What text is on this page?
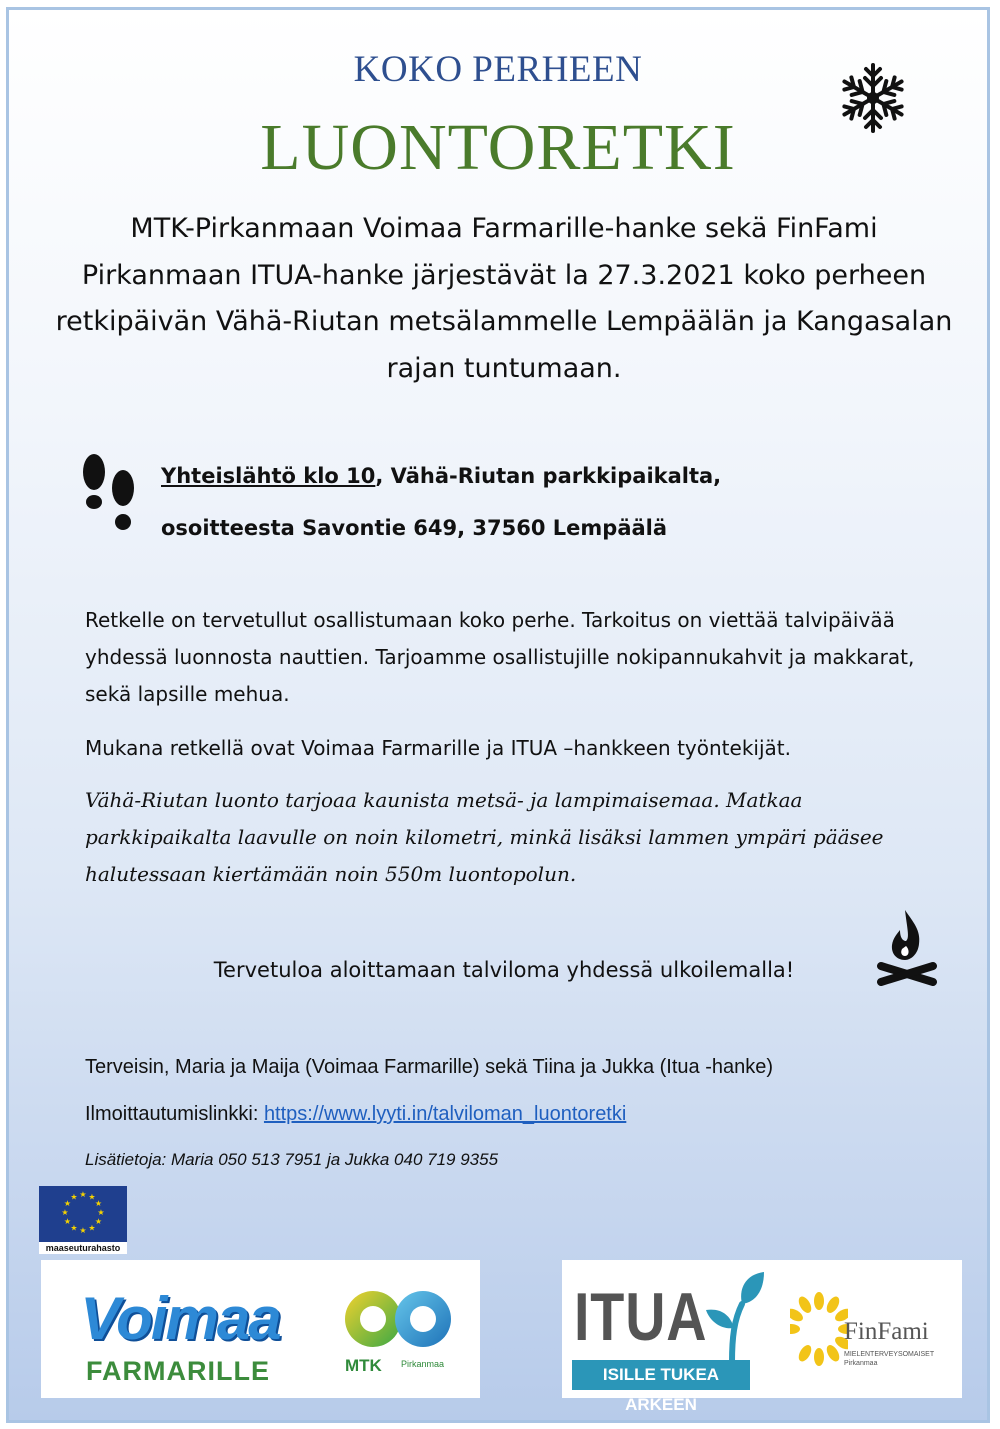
KOKO PERHEEN
LUONTORETKI
MTK-Pirkanmaan Voimaa Farmarille-hanke sekä FinFami Pirkanmaan ITUA-hanke järjestävät la 27.3.2021 koko perheen retkipäivän Vähä-Riutan metsälammelle Lempäälän ja Kangasalan rajan tuntumaan.
Yhteislähtö klo 10, Vähä-Riutan parkkipaikalta,
osoitteesta Savontie 649, 37560 Lempäälä
Retkelle on tervetullut osallistumaan koko perhe. Tarkoitus on viettää talvipäivää yhdessä luonnosta nauttien. Tarjoamme osallistujille nokipannukahvit ja makkarat, sekä lapsille mehua.
Mukana retkellä ovat Voimaa Farmarille ja ITUA –hankkeen työntekijät.
Vähä-Riutan luonto tarjoaa kaunista metsä- ja lampimaisemaa. Matkaa parkkipaikalta laavulle on noin kilometri, minkä lisäksi lammen ympäri pääsee halutessaan kiertämään noin 550m luontopolun.
Tervetuloa aloittamaan talviloma yhdessä ulkoilemalla!
Terveisin, Maria ja Maija (Voimaa Farmarille) sekä Tiina ja Jukka (Itua -hanke)
Ilmoittautumislinkki: https://www.lyyti.in/talviloman_luontoretki
Lisätietoja: Maria 050 513 7951 ja Jukka 040 719 9355
★ ★
★
★
★
★
★
★
★
★
★
★
maaseuturahasto
Voimaa
FARMARILLE	MTK Pirkanmaa
ITUA
ISILLE TUKEA ARKEEN
FinFami
MIELENTERVEYSOMAISET
Pirkanmaa
